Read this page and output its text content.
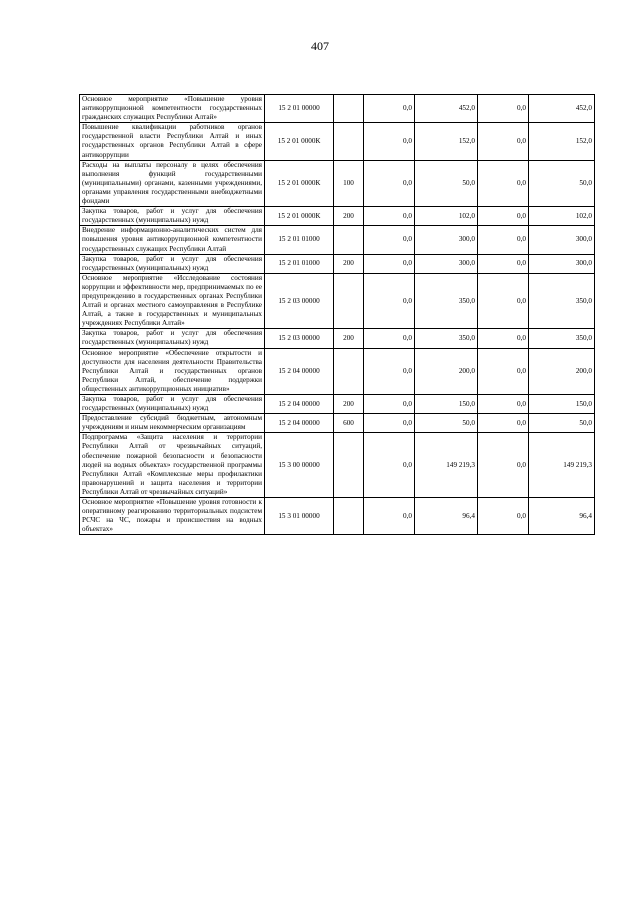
407
Основное мероприятие «Повышение уровня антикоррупционной компетентности государственных гражданских служащих Республики Алтай»	15 2 01 00000		0,0	452,0	0,0	452,0
Повышение квалификации работников органов государственной власти Республики Алтай и иных государственных органов Республики Алтай в сфере антикоррупции	15 2 01 0000К		0,0	152,0	0,0	152,0
Расходы на выплаты персоналу в целях обеспечения выполнения функций государственными (муниципальными) органами, казенными учреждениями, органами управления государственными внебюджетными фондами	15 2 01 0000К	100	0,0	50,0	0,0	50,0
Закупка товаров, работ и услуг для обеспечения государственных (муниципальных) нужд	15 2 01 0000К	200	0,0	102,0	0,0	102,0
Внедрение информационно-аналитических систем для повышения уровня антикоррупционной компетентности государственных служащих Республики Алтай	15 2 01 01000		0,0	300,0	0,0	300,0
Закупка товаров, работ и услуг для обеспечения государственных (муниципальных) нужд	15 2 01 01000	200	0,0	300,0	0,0	300,0
Основное мероприятие «Исследование состояния коррупции и эффективности мер, предпринимаемых по ее предупреждению в государственных органах Республики Алтай и органах местного самоуправления в Республике Алтай, а также в государственных и муниципальных учреждениях Республики Алтай»	15 2 03 00000		0,0	350,0	0,0	350,0
Закупка товаров, работ и услуг для обеспечения государственных (муниципальных) нужд	15 2 03 00000	200	0,0	350,0	0,0	350,0
Основное мероприятие «Обеспечение открытости и доступности для населения деятельности Правительства Республики Алтай и государственных органов Республики Алтай, обеспечение поддержки общественных антикоррупционных инициатив»	15 2 04 00000		0,0	200,0	0,0	200,0
Закупка товаров, работ и услуг для обеспечения государственных (муниципальных) нужд	15 2 04 00000	200	0,0	150,0	0,0	150,0
Предоставление субсидий бюджетным, автономным учреждениям и иным некоммерческим организациям	15 2 04 00000	600	0,0	50,0	0,0	50,0
Подпрограмма «Защита населения и территории Республики Алтай от чрезвычайных ситуаций, обеспечение пожарной безопасности и безопасности людей на водных объектах» государственной программы Республики Алтай «Комплексные меры профилактики правонарушений и защита населения и территории Республики Алтай от чрезвычайных ситуаций»	15 3 00 00000		0,0	149 219,3	0,0	149 219,3
Основное мероприятие «Повышение уровня готовности к оперативному реагированию территориальных подсистем РСЧС на ЧС, пожары и происшествия на водных объектах»	15 3 01 00000		0,0	96,4	0,0	96,4
